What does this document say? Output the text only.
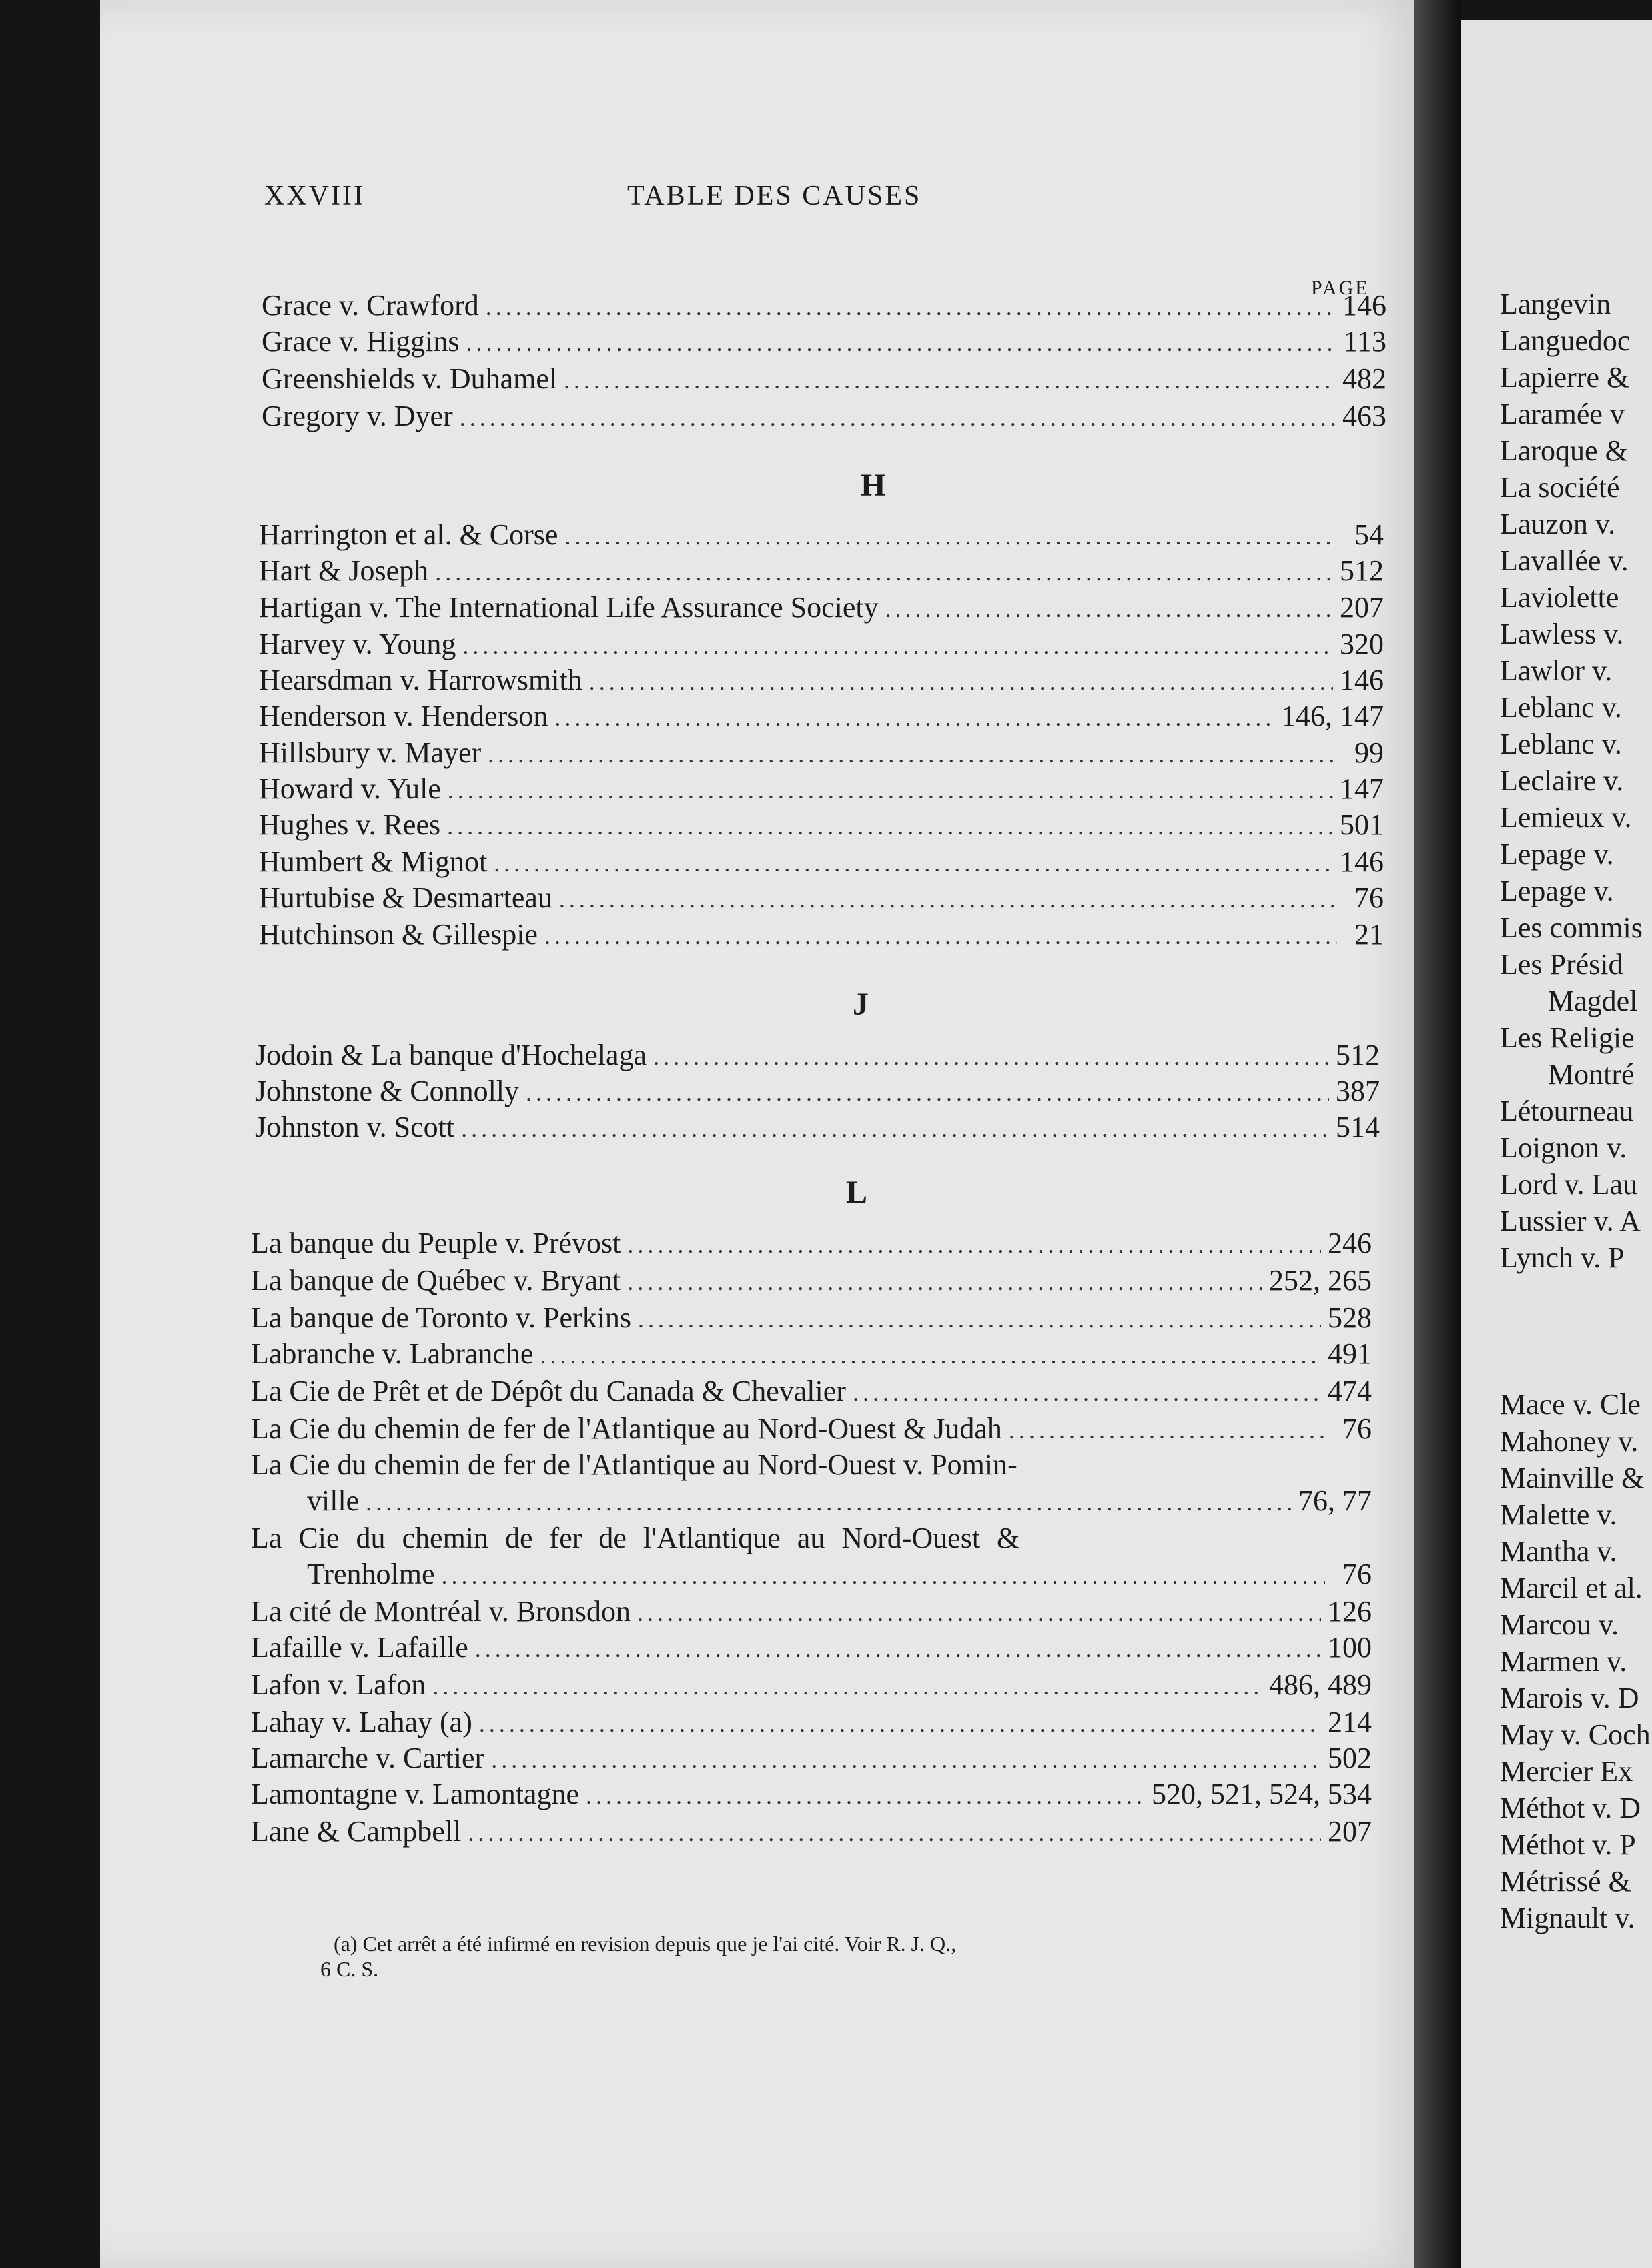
XXVIII	TABLE DES CAUSES
PAGE
Grace v. Crawford .....	146
Grace v. Higgins .....	113
Greenshields v. Duhamel .....	482
Gregory v. Dyer .....	463
H
Harrington et al. & Corse .....	54
Hart & Joseph .....	512
Hartigan v. The International Life Assurance Society .....	207
Harvey v. Young .....	320
Hearsdman v. Harrowsmith .....	146
Henderson v. Henderson .....	146, 147
Hillsbury v. Mayer .....	99
Howard v. Yule .....	147
Hughes v. Rees .....	501
Humbert & Mignot .....	146
Hurtubise & Desmarteau .....	76
Hutchinson & Gillespie .....	21
J
Jodoin & La banque d'Hochelaga .....	512
Johnstone & Connolly .....	387
Johnston v. Scott .....	514
L
La banque du Peuple v. Prévost .....	246
La banque de Québec v. Bryant .....	252, 265
La banque de Toronto v. Perkins .....	528
Labranche v. Labranche .....	491
La Cie de Prêt et de Dépôt du Canada & Chevalier .....	474
La Cie du chemin de fer de l'Atlantique au Nord-Ouest & Judah .....	76
La Cie du chemin de fer de l'Atlantique au Nord-Ouest v. Pomin-
ville .....	76, 77
La Cie du chemin de fer de l'Atlantique au Nord-Ouest &
Trenholme .....	76
La cité de Montréal v. Bronsdon .....	126
Lafaille v. Lafaille .....	100
Lafon v. Lafon .....	486, 489
Lahay v. Lahay (a) .....	214
Lamarche v. Cartier .....	502
Lamontagne v. Lamontagne .....	520, 521, 524, 534
Lane & Campbell .....	207
(a) Cet arrêt a été infirmé en revision depuis que je l'ai cité. Voir R. J. Q.,
6 C. S.
Langevin
Languedoc
Lapierre &
Laramée v
Laroque &
La société
Lauzon v.
Lavallée v.
Laviolette
Lawless v.
Lawlor v.
Leblanc v.
Leblanc v.
Leclaire v.
Lemieux v.
Lepage v.
Lepage v.
Les commis
Les Présid
Magdel
Les Religie
Montré
Létourneau
Loignon v.
Lord v. Lau
Lussier v. A
Lynch v. P
Mace v. Cle
Mahoney v.
Mainville &
Malette v.
Mantha v.
Marcil et al.
Marcou v.
Marmen v.
Marois v. D
May v. Coch
Mercier Ex
Méthot v. D
Méthot v. P
Métrissé &
Mignault v.
